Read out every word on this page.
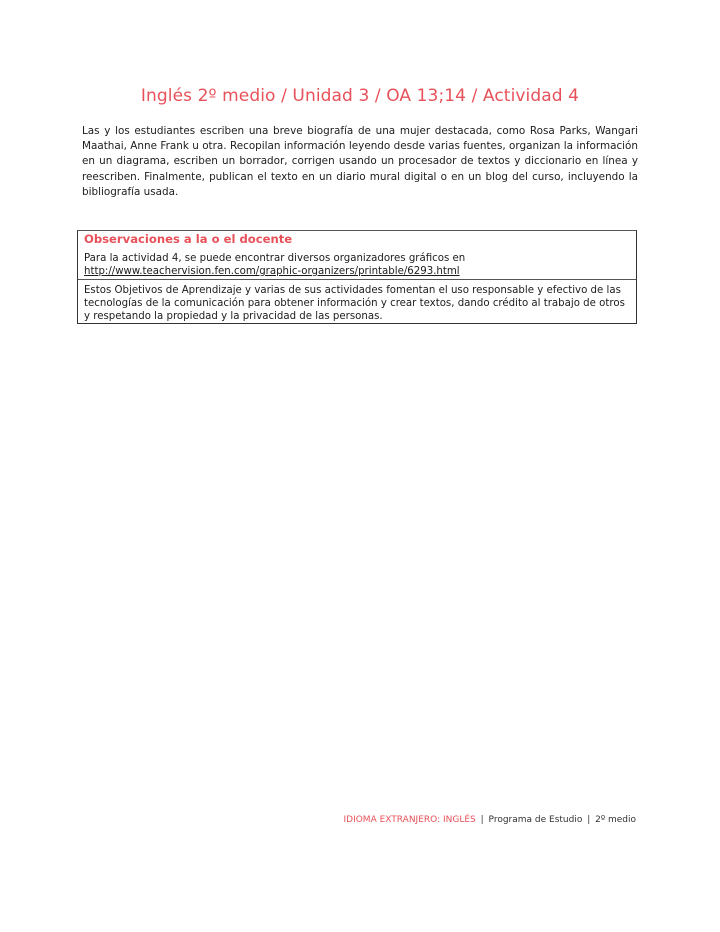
Inglés 2º medio / Unidad 3 / OA 13;14 / Actividad 4
Las y los estudiantes escriben una breve biografía de una mujer destacada, como Rosa Parks, Wangari Maathai, Anne Frank u otra. Recopilan información leyendo desde varias fuentes, organizan la información en un diagrama, escriben un borrador, corrigen usando un procesador de textos y diccionario en línea y reescriben. Finalmente, publican el texto en un diario mural digital o en un blog del curso, incluyendo la bibliografía usada.
Observaciones a la o el docente
Para la actividad 4, se puede encontrar diversos organizadores gráficos en
http://www.teachervision.fen.com/graphic-organizers/printable/6293.html
Estos Objetivos de Aprendizaje y varias de sus actividades fomentan el uso responsable y efectivo de las tecnologías de la comunicación para obtener información y crear textos, dando crédito al trabajo de otros y respetando la propiedad y la privacidad de las personas.
IDIOMA EXTRANJERO: INGLÉS | Programa de Estudio | 2º medio
